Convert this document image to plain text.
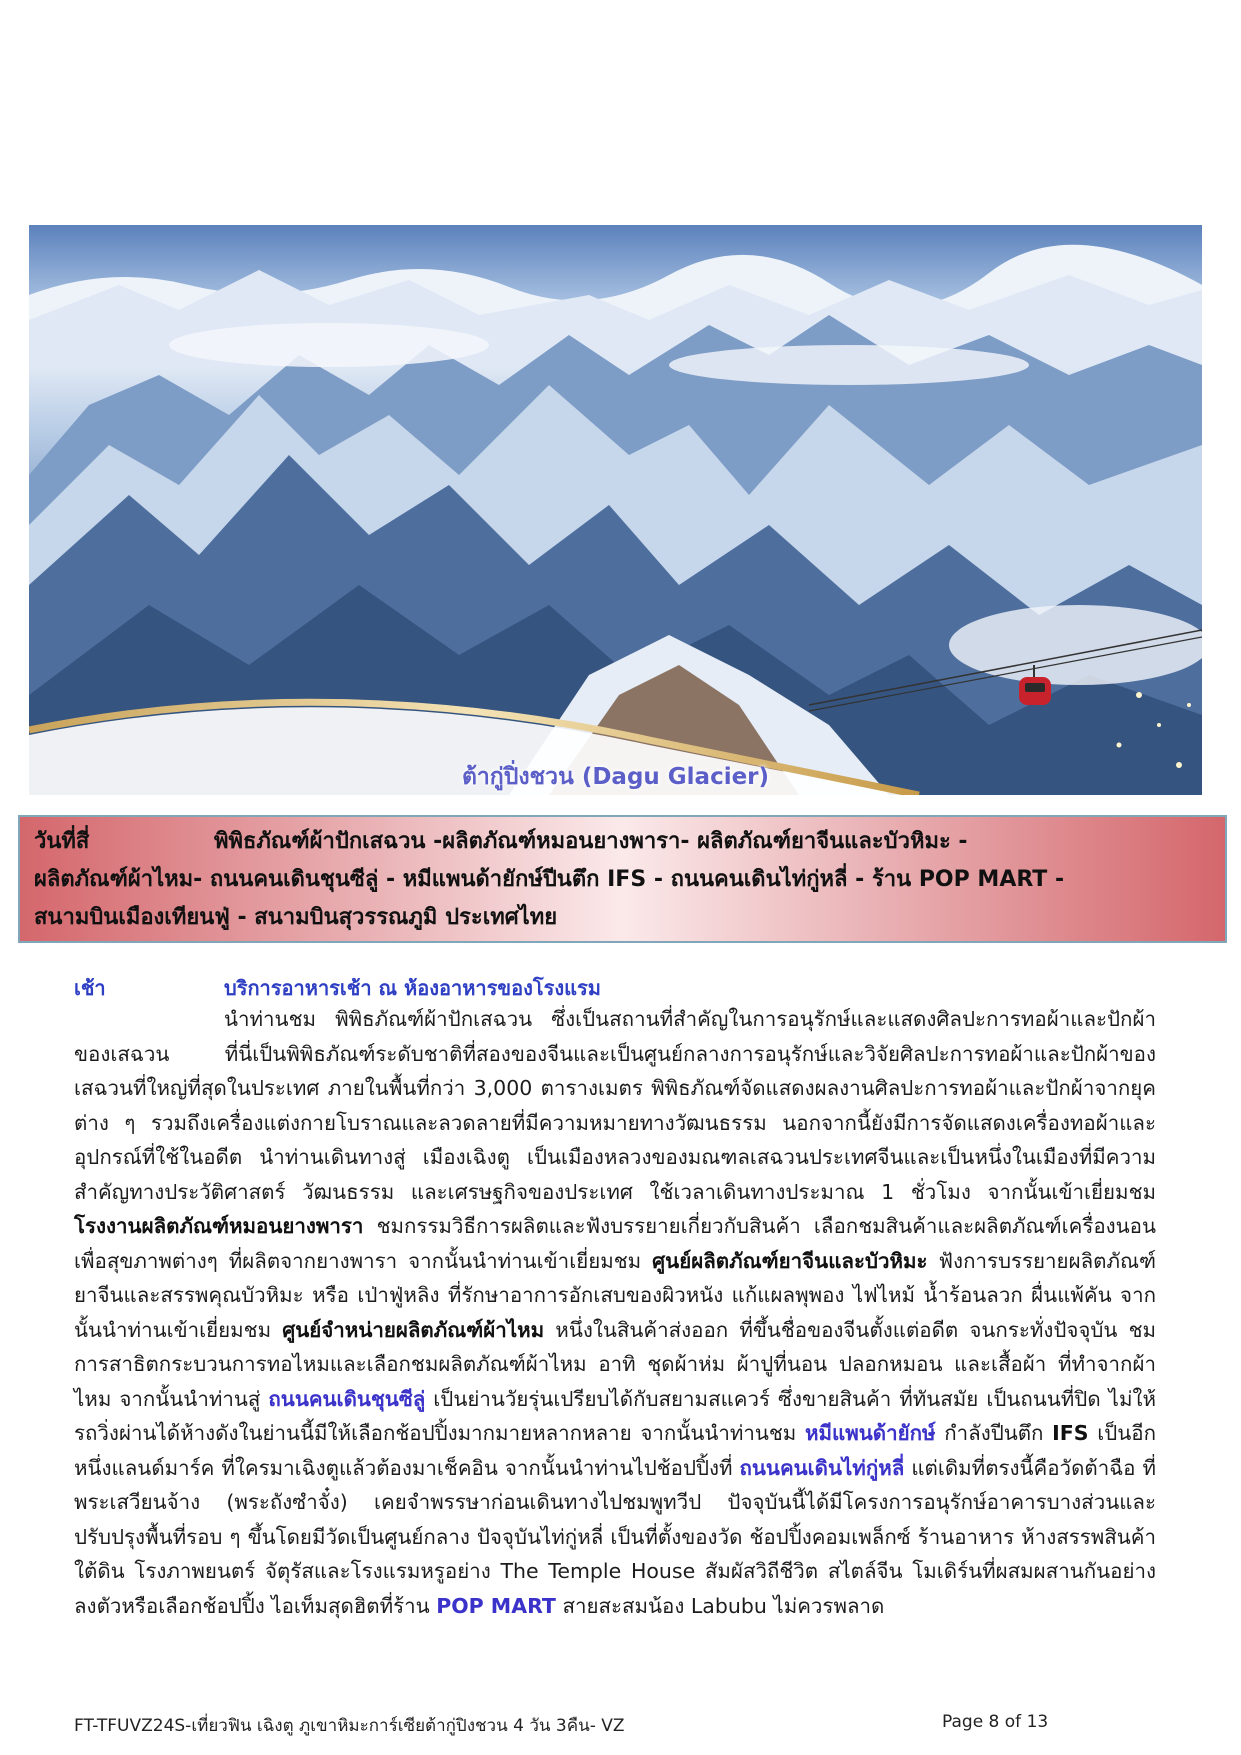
ต้ากู่ปิ่งชวน (Dagu Glacier)
วันที่สี่	พิพิธภัณฑ์ผ้าปักเสฉวน -ผลิตภัณฑ์หมอนยางพารา- ผลิตภัณฑ์ยาจีนและบัวหิมะ -
ผลิตภัณฑ์ผ้าไหม- ถนนคนเดินชุนซีลู่ - หมีแพนด้ายักษ์ปีนตึก IFS - ถนนคนเดินไท่กู่หลี่ - ร้าน POP MART -
สนามบินเมืองเทียนฟู่ - สนามบินสุวรรณภูมิ ประเทศไทย
เช้า	บริการอาหารเช้า ณ ห้องอาหารของโรงแรม
นำท่านชม พิพิธภัณฑ์ผ้าปักเสฉวน ซึ่งเป็นสถานที่สำคัญในการอนุรักษ์และแสดงศิลปะการทอผ้าและปักผ้าของเสฉวน ที่นี่เป็นพิพิธภัณฑ์ระดับชาติที่สองของจีนและเป็นศูนย์กลางการอนุรักษ์และวิจัยศิลปะการทอผ้าและปักผ้าของเสฉวนที่ใหญ่ที่สุดในประเทศ ภายในพื้นที่กว่า 3,000 ตารางเมตร พิพิธภัณฑ์จัดแสดงผลงานศิลปะการทอผ้าและปักผ้าจากยุคต่าง ๆ รวมถึงเครื่องแต่งกายโบราณและลวดลายที่มีความหมายทางวัฒนธรรม นอกจากนี้ยังมีการจัดแสดงเครื่องทอผ้าและอุปกรณ์ที่ใช้ในอดีต นำท่านเดินทางสู่ เมืองเฉิงตู เป็นเมืองหลวงของมณฑลเสฉวนประเทศจีนและเป็นหนึ่งในเมืองที่มีความสำคัญทางประวัติศาสตร์ วัฒนธรรม และเศรษฐกิจของประเทศ ใช้เวลาเดินทางประมาณ 1 ชั่วโมง จากนั้นเข้าเยี่ยมชม โรงงานผลิตภัณฑ์หมอนยางพารา ชมกรรมวิธีการผลิตและฟังบรรยายเกี่ยวกับสินค้า เลือกชมสินค้าและผลิตภัณฑ์เครื่องนอนเพื่อสุขภาพต่างๆ ที่ผลิตจากยางพารา จากนั้นนำท่านเข้าเยี่ยมชม ศูนย์ผลิตภัณฑ์ยาจีนและบัวหิมะ ฟังการบรรยายผลิตภัณฑ์ ยาจีนและสรรพคุณบัวหิมะ หรือ เป่าฟู่หลิง ที่รักษาอาการอักเสบของผิวหนัง แก้แผลพุพอง ไฟไหม้ น้ำร้อนลวก ผื่นแพ้คัน จากนั้นนำท่านเข้าเยี่ยมชม ศูนย์จำหน่ายผลิตภัณฑ์ผ้าไหม หนึ่งในสินค้าส่งออก ที่ขึ้นชื่อของจีนตั้งแต่อดีต จนกระทั่งปัจจุบัน ชมการสาธิตกระบวนการทอไหมและเลือกชมผลิตภัณฑ์ผ้าไหม อาทิ ชุดผ้าห่ม ผ้าปูที่นอน ปลอกหมอน และเสื้อผ้า ที่ทำจากผ้าไหม จากนั้นนำท่านสู่ ถนนคนเดินชุนซีลู่ เป็นย่านวัยรุ่นเปรียบได้กับสยามสแควร์ ซึ่งขายสินค้า ที่ทันสมัย เป็นถนนที่ปิด ไม่ให้รถวิ่งผ่านได้ห้างดังในย่านนี้มีให้เลือกช้อปปิ้งมากมายหลากหลาย จากนั้นนำท่านชม หมีแพนด้ายักษ์ กำลังปีนตึก IFS เป็นอีกหนึ่งแลนด์มาร์ค ที่ใครมาเฉิงตูแล้วต้องมาเช็คอิน จากนั้นนำท่านไปช้อปปิ้งที่ ถนนคนเดินไท่กู่หลี่ แต่เดิมที่ตรงนี้คือวัดต้าฉือ ที่พระเสวียนจ้าง (พระถังซำจั๋ง) เคยจำพรรษาก่อนเดินทางไปชมพูทวีป ปัจจุบันนี้ได้มีโครงการอนุรักษ์อาคารบางส่วนและปรับปรุงพื้นที่รอบ ๆ ขึ้นโดยมีวัดเป็นศูนย์กลาง ปัจจุบันไท่กู่หลี่ เป็นที่ตั้งของวัด ช้อปปิ้งคอมเพล็กซ์ ร้านอาหาร ห้างสรรพสินค้าใต้ดิน โรงภาพยนตร์ จัตุรัสและโรงแรมหรูอย่าง The Temple House สัมผัสวิถีชีวิต สไตล์จีน โมเดิร์นที่ผสมผสานกันอย่างลงตัวหรือเลือกช้อปปิ้ง ไอเท็มสุดฮิตที่ร้าน POP MART สายสะสมน้อง Labubu ไม่ควรพลาด
FT-TFUVZ24S-เที่ยวฟิน เฉิงตู ภูเขาหิมะการ์เซียต้ากู่ปิงชวน 4 วัน 3คืน- VZ	Page 8 of 13
